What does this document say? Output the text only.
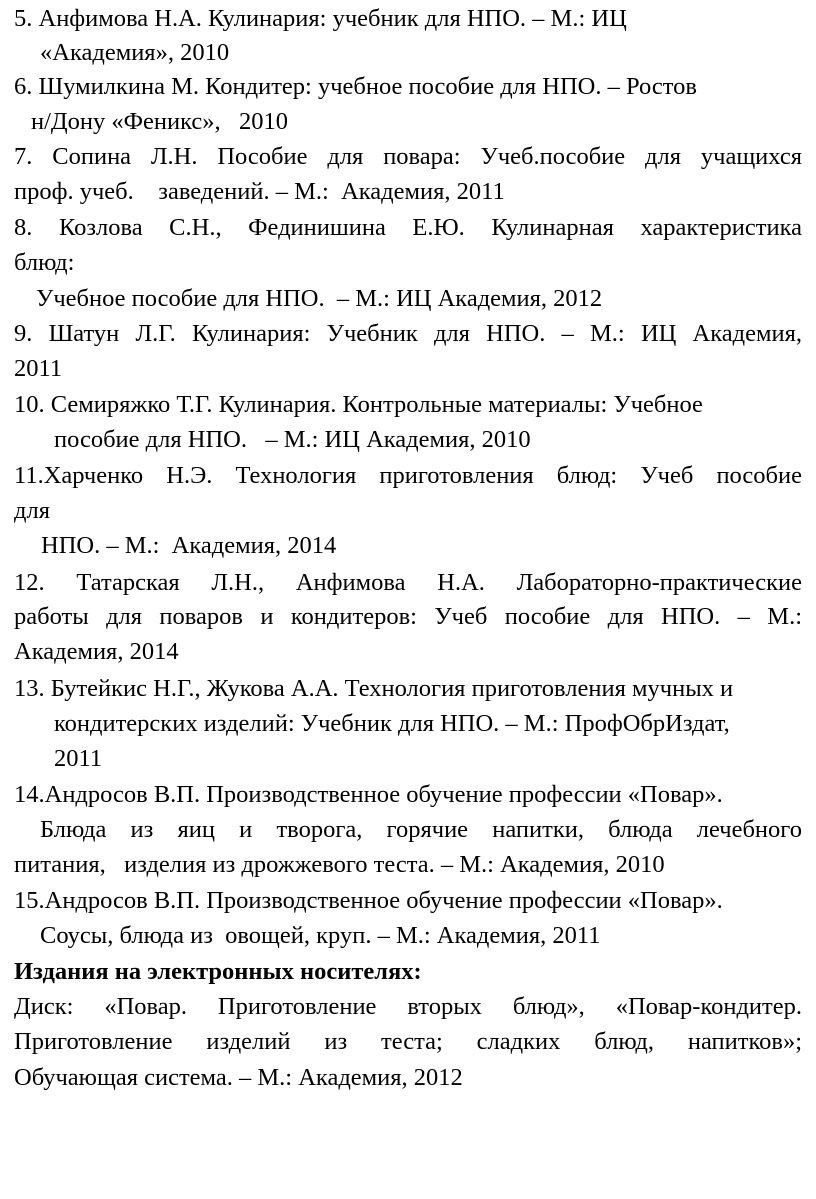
5. Анфимова Н.А. Кулинария: учебник для НПО. – М.: ИЦ
«Академия», 2010
6. Шумилкина М. Кондитер: учебное пособие для НПО. – Ростов
н/Дону «Феникс»,   2010
7. Сопина Л.Н. Пособие для повара: Учеб.пособие для учащихся
проф. учеб.    заведений. – М.:  Академия, 2011
8. Козлова С.Н., Фединишина Е.Ю. Кулинарная характеристика
блюд:
Учебное пособие для НПО.  – М.: ИЦ Академия, 2012
9. Шатун Л.Г. Кулинария: Учебник для НПО. – М.: ИЦ Академия,
2011
10. Семиряжко Т.Г. Кулинария. Контрольные материалы: Учебное
пособие для НПО.   – М.: ИЦ Академия, 2010
11.Харченко Н.Э. Технология приготовления блюд: Учеб пособие
для
НПО. – М.:  Академия, 2014
12. Татарская Л.Н., Анфимова Н.А. Лабораторно-практические
работы для поваров и кондитеров: Учеб пособие для НПО. – М.:
Академия, 2014
13. Бутейкис Н.Г., Жукова А.А. Технология приготовления мучных и
кондитерских изделий: Учебник для НПО. – М.: ПрофОбрИздат,
2011
14.Андросов В.П. Производственное обучение профессии «Повар».
Блюда из яиц и творога, горячие напитки, блюда лечебного
питания,   изделия из дрожжевого теста. – М.: Академия, 2010
15.Андросов В.П. Производственное обучение профессии «Повар».
Соусы, блюда из  овощей, круп. – М.: Академия, 2011
Издания на электронных носителях:
Диск: «Повар. Приготовление вторых блюд», «Повар-кондитер.
Приготовление изделий из теста; сладких блюд, напитков»;
Обучающая система. – М.: Академия, 2012
